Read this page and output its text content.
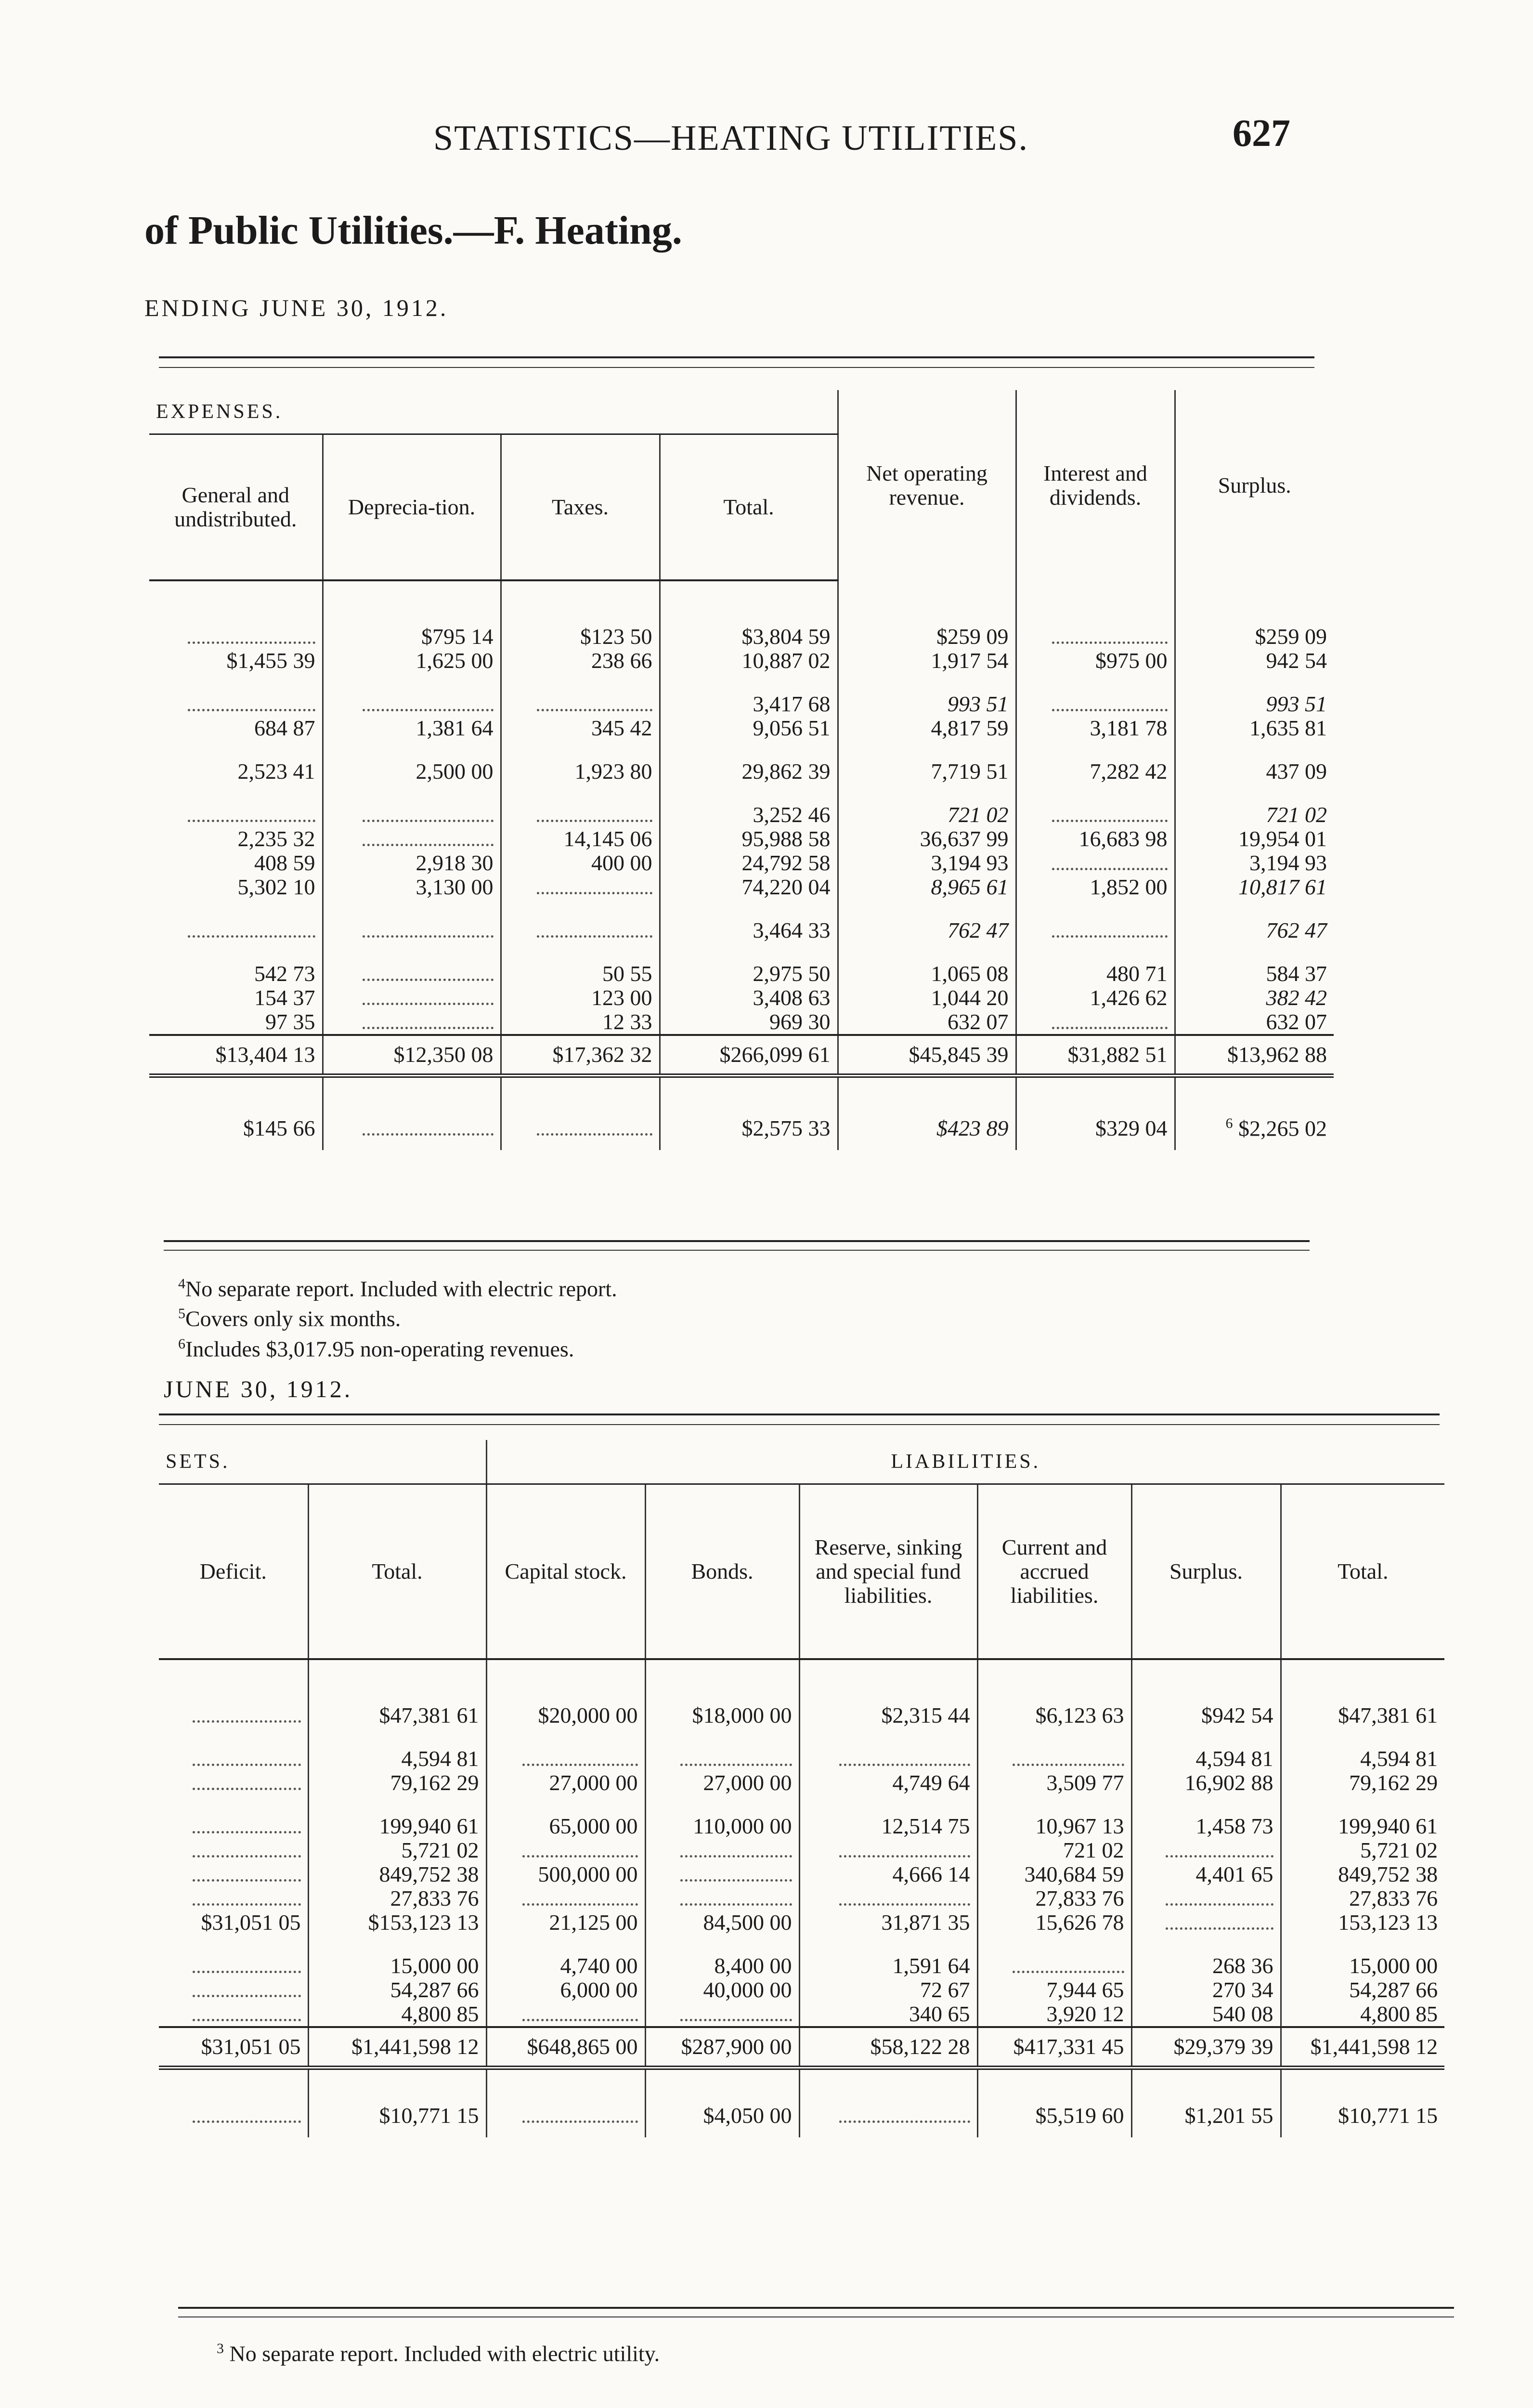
STATISTICS—HEATING UTILITIES.	627
of Public Utilities.—F. Heating.
ENDING JUNE 30, 1912.
EXPENSES.				Net operating revenue.	Interest and dividends.	Surplus.
General and undistributed.	Deprecia-tion.	Taxes.	Total.			

	$795 14	$123 50	$3,804 59	$259 09		$259 09
$1,455 39	1,625 00	238 66	10,887 02	1,917 54	$975 00	942 54
			3,417 68	993 51		993 51
684 87	1,381 64	345 42	9,056 51	4,817 59	3,181 78	1,635 81
2,523 41	2,500 00	1,923 80	29,862 39	7,719 51	7,282 42	437 09
			3,252 46	721 02		721 02
2,235 32		14,145 06	95,988 58	36,637 99	16,683 98	19,954 01
408 59	2,918 30	400 00	24,792 58	3,194 93		3,194 93
5,302 10	3,130 00		74,220 04	8,965 61	1,852 00	10,817 61
			3,464 33	762 47		762 47
542 73		50 55	2,975 50	1,065 08	480 71	584 37
154 37		123 00	3,408 63	1,044 20	1,426 62	382 42
97 35		12 33	969 30	632 07		632 07
$13,404 13	$12,350 08	$17,362 32	$266,099 61	$45,845 39	$31,882 51	$13,962 88
$145 66			$2,575 33	$423 89	$329 04	$^6$ $2,265 02
$^4$No separate report. Included with electric report.
$^5$Covers only six months.
$^6$Includes $3,017.95 non-operating revenues.
JUNE 30, 1912.
SETS.		LIABILITIES.					
Deficit.	Total.	Capital stock.	Bonds.	Reserve, sinking and special fund liabilities.	Current and accrued liabilities.	Surplus.	Total.

	$47,381 61	$20,000 00	$18,000 00	$2,315 44	$6,123 63	$942 54	$47,381 61
	4,594 81					4,594 81	4,594 81
	79,162 29	27,000 00	27,000 00	4,749 64	3,509 77	16,902 88	79,162 29
	199,940 61	65,000 00	110,000 00	12,514 75	10,967 13	1,458 73	199,940 61
	5,721 02				721 02		5,721 02
	849,752 38	500,000 00		4,666 14	340,684 59	4,401 65	849,752 38
	27,833 76				27,833 76		27,833 76
$31,051 05	$153,123 13	21,125 00	84,500 00	31,871 35	15,626 78		153,123 13
	15,000 00	4,740 00	8,400 00	1,591 64		268 36	15,000 00
	54,287 66	6,000 00	40,000 00	72 67	7,944 65	270 34	54,287 66
	4,800 85			340 65	3,920 12	540 08	4,800 85
$31,051 05	$1,441,598 12	$648,865 00	$287,900 00	$58,122 28	$417,331 45	$29,379 39	$1,441,598 12
	$10,771 15		$4,050 00		$5,519 60	$1,201 55	$10,771 15
$^3$ No separate report. Included with electric utility.
